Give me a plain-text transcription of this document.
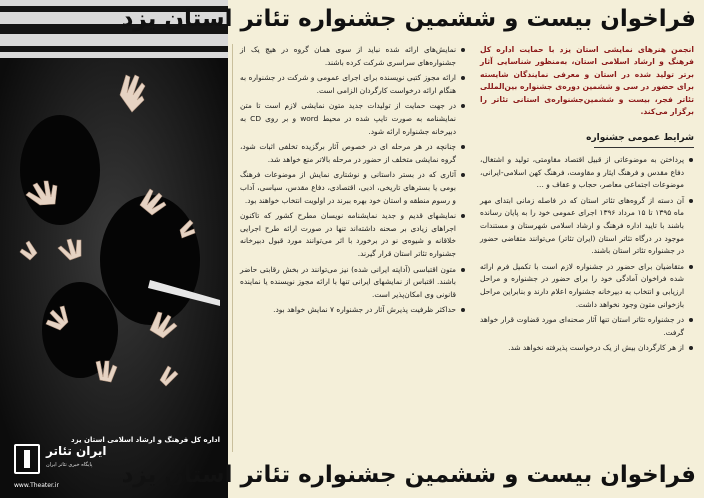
اداره کل فرهنگ و ارشاد اسلامی استان یزد
ایران تئاتر
پایگاه خبری تئاتر ایران
www.Theater.ir
فراخوان بیست و ششمین جشنواره تئاتر استان یزد
انجمن هنرهای نمایشی استان یزد با حمایت اداره کل فرهنگ و ارشاد اسلامی استان، به‌منظور شناسایی آثار برتر تولید شده در استان و معرفی نمایندگان شایسته برای حضور در سی و ششمین دوره‌ی جشنواره بین‌المللی تئاتر فجر، بیست‌ و‌ ششمین‌جشنواره‌ی استانی تئاتر را برگزار می‌کند.
شرایط عمومی جشنواره
پرداختن به موضوعاتی از قبیل اقتصاد مقاومتی، تولید و اشتغال، دفاع مقدس و فرهنگ ایثار و مقاومت، فرهنگ کهن اسلامی-ایرانی، موضوعات اجتماعی معاصر، حجاب و عفاف و …
آن دسته از گروه‌های تئاتر استان که در فاصله زمانی ابتدای مهر ماه ۱۳۹۵ تا ۱۵ مرداد ۱۳۹۶ اجرای عمومی خود را به پایان رسانده باشند با تایید اداره فرهنگ و ارشاد اسلامی شهرستان و مستندات موجود در درگاه تئاتر استان (ایران تئاتر) می‌توانند متقاضی حضور در جشنواره تئاتر استان باشند.
متقاضیان برای حضور در جشنواره لازم است با تکمیل فرم ارائه شده فراخوان آمادگی خود را برای حضور در جشنواره و مراحل ارزیابی و انتخاب به دبیرخانه جشنواره اعلام دارند و بنابراین مراحل بازخوانی متون وجود نخواهد داشت.
در جشنواره تئاتر استان تنها آثار صحنه‌ای مورد قضاوت قرار خواهد گرفت.
از هر کارگردان بیش از یک درخواست پذیرفته نخواهد شد.
نمایش‌های ارائه شده نباید از سوی همان گروه در هیچ یک از جشنواره‌های سراسری شرکت کرده باشند.
ارائه مجوز کتبی نویسنده برای اجرای عمومی و شرکت در جشنواره به هنگام ارائه درخواست کارگردان الزامی است.
در جهت حمایت از تولیدات جدید متون نمایشی لازم است تا متن نمایشنامه به صورت تایپ شده در محیط word و بر روی CD به دبیرخانه جشنواره ارائه شود.
چنانچه در هر مرحله ای در خصوص آثار برگزیده تخلفی اثبات شود، گروه نمایشی متخلف از حضور در مرحله بالاتر منع خواهد شد.
آثاری که در بستر داستانی و نوشتاری نمایش از موضوعات فرهنگ بومی یا بسترهای تاریخی، ادبی، اقتصادی، دفاع مقدس، سیاسی، آداب و رسوم منطقه و استان خود بهره ببرند در اولویت انتخاب خواهند بود.
نمایشهای قدیم و جدید نمایشنامه نویسان مطرح کشور که تاکنون اجراهای زیادی بر صحنه داشته‌اند تنها در صورت ارائه طرح اجرایی خلاقانه و شیوه‌ی نو در برخورد با اثر می‌توانند مورد قبول دبیرخانه جشنواره تئاتر استان قرار گیرند.
متون اقتباسی (آداپته ایرانی شده) نیز می‌توانند در بخش رقابتی حاضر باشند. اقتباس از نمایشهای ایرانی تنها با ارائه مجوز نویسنده یا نماینده قانونی وی امکان‌پذیر است.
حداکثر ظرفیت پذیرش آثار در جشنواره ۷ نمایش خواهد بود.
فراخوان بیست و ششمین جشنواره تئاتر استان یزد
